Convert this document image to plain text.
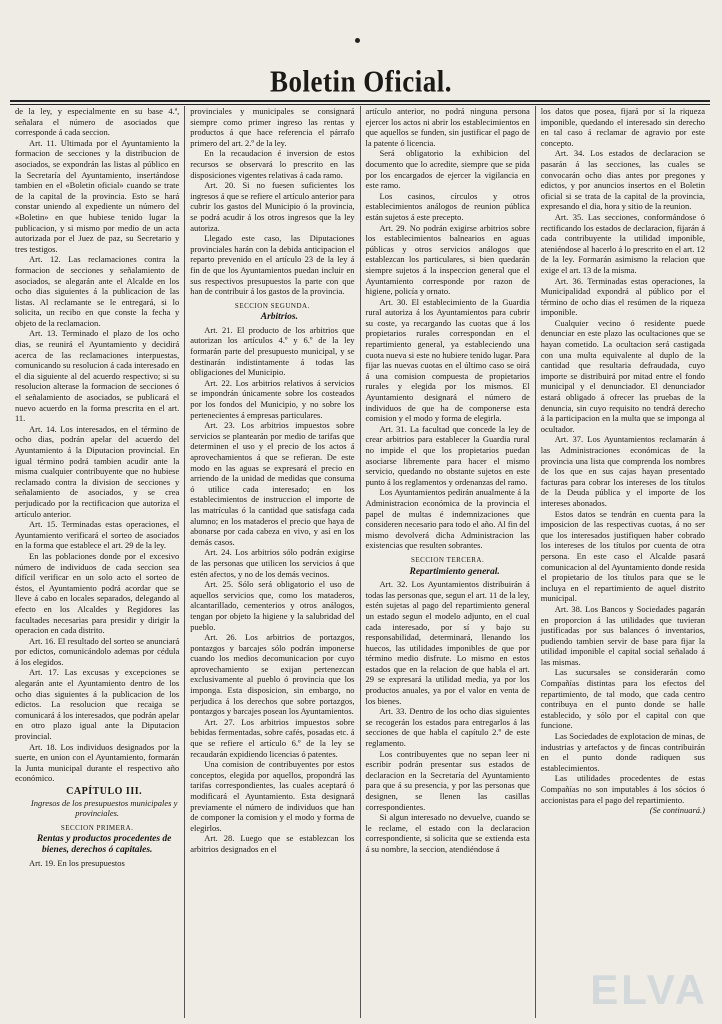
Boletin Oficial.

de la ley, y especialmente en su base 4.ª, señalara el número de asociados que corresponde á cada seccion.

Art. 11. Ultimada por el Ayuntamiento la formacion de secciones y la distribucion de asociados, se expondrán las listas al público en la Secretaría del Ayuntamiento, insertándose tambien en el «Boletin oficial» cuando se trate de la capital de la provincia. Esto se hará constar uniendo al expediente un número del «Boletin» en que hubiese tenido lugar la publicacion, y si mismo por medio de un acta autorizada por el Juez de paz, su Secretario y tres testigos.

Art. 12. Las reclamaciones contra la formacion de secciones y señalamiento de asociados, se alegarán ante el Alcalde en los ocho dias siguientes á la publicacion de las listas. Al reclamante se le entregará, si lo solicita, un recibo en que conste la fecha y objeto de la reclamacion.

Art. 13. Terminado el plazo de los ocho dias, se reunirá el Ayuntamiento y decidirá acerca de las reclamaciones interpuestas, comunicando su resolucion á cada interesado en el dia siguiente al del acuerdo respectivo; si su resolucion alterase la formacion de secciones ó el señalamiento de asociados, se publicará el nuevo acuerdo en la forma prescrita en el art. 11.

Art. 14. Los interesados, en el término de ocho dias, podrán apelar del acuerdo del Ayuntamiento á la Diputacion provincial. En igual término podrá tambien acudir ante la misma cualquier contribuyente que no hubiese reclamado contra la division de secciones y señalamiento de asociados, y se crea perjudicado por la rectificacion que autoriza el artículo anterior.

Art. 15. Terminadas estas operaciones, el Ayuntamiento verificará el sorteo de asociados en la forma que establece el art. 29 de la ley.

En las poblaciones donde por el excesivo número de individuos de cada seccion sea difícil verificar en un solo acto el sorteo de éstos, el Ayuntamiento podrá acordar que se lleve á cabo en locales separados, delegando al efecto en los Alcaldes y Regidores las facultades necesarias para presidir y dirigir la operacion en cada distrito.

Art. 16. El resultado del sorteo se anunciará por edictos, comunicándolo ademas por cédula á los elegidos.

Art. 17. Las excusas y excepciones se alegarán ante el Ayuntamiento dentro de los ocho dias siguientes á la publicacion de los edictos. La resolucion que recaiga se comunicará á los interesados, que podrán apelar en otro plazo igual ante la Diputacion provincial.

Art. 18. Los individuos designados por la suerte, en union con el Ayuntamiento, formarán la Junta municipal durante el respectivo año económico.

CAPÍTULO III.

Ingresos de los presupuestos municipales y provinciales.

SECCION PRIMERA.

Rentas y productos procedentes de bienes, derechos ó capitales.

Art. 19. En los presupuestos

provinciales y municipales se consignará siempre como primer ingreso las rentas y productos á que hace referencia el párrafo primero del art. 2.º de la ley.

En la recaudacion é inversion de estos recursos se observará lo prescrito en las disposiciones vigentes relativas á cada ramo.

Art. 20. Si no fuesen suficientes los ingresos á que se refiere el artículo anterior para cubrir los gastos del Municipio ó la provincia, se podrá acudir á los otros ingresos que la ley autoriza.

Llegado este caso, las Diputaciones provinciales harán con la debida anticipacion el reparto prevenido en el artículo 23 de la ley á fin de que los Ayuntamientos puedan incluir en sus respectivos presupuestos la parte con que han de contribuir á los gastos de la provincia.

SECCION SEGUNDA.

Arbitrios.

Art. 21. El producto de los arbitrios que autorizan los artículos 4.º y 6.º de la ley formarán parte del presupuesto municipal, y se destinarán indistintamente á todas las obligaciones del Municipio.

Art. 22. Los arbitrios relativos á servicios se impondrán únicamente sobre los costeados por los fondos del Municipio, y no sobre los pertenecientes á empresas particulares.

Art. 23. Los arbitrios impuestos sobre servicios se plantearán por medio de tarifas que determinen el uso y el precio de los actos á aprovechamientos á que se refieran. De este modo en las aguas se expresará el precio en arriendo de la unidad de medidas que consuma ó utilice cada interesado; en los establecimientos de instruccion el importe de las matrículas ó la cantidad que satisfaga cada alumno; en los mataderos el precio que haya de abonarse por cada cabeza en vivo, y así en los demás casos.

Art. 24. Los arbitrios sólo podrán exigirse de las personas que utilicen los servicios á que estén afectos, y no de los demás vecinos.

Art. 25. Sólo será obligatorio el uso de aquellos servicios que, como los mataderos, alcantarillado, cementerios y otros análogos, tengan por objeto la higiene y la salubridad del pueblo.

Art. 26. Los arbitrios de portazgos, pontazgos y barcajes sólo podrán imponerse cuando los medios decomunicacion por cuyo aprovechamiento se exijan pertenezcan exclusivamente al pueblo ó provincia que los imponga. Esta disposicion, sin embargo, no perjudica á los derechos que sobre portazgos, pontazgos y barcajes posean los Ayuntamientos.

Art. 27. Los arbitrios impuestos sobre bebidas fermentadas, sobre cafés, posadas etc. á que se refiere el artículo 6.º de la ley se recaudarán expidiendo licencias ó patentes.

Una comision de contribuyentes por estos conceptos, elegida por aquellos, propondrá las tarifas correspondientes, las cuales aceptará ó modificará el Ayuntamiento. Esta designará previamente el número de individuos que han de componer la comision y el modo y forma de elegirlos.

Art. 28. Luego que se establezcan los arbitrios designados en el

artículo anterior, no podrá ninguna persona ejercer los actos ni abrir los establecimientos en que aquellos se funden, sin justificar el pago de la patente ó licencia.

Será obligatorio la exhibicion del documento que lo acredite, siempre que se pida por los encargados de ejercer la vigilancia en este ramo.

Los casinos, círculos y otros establecimientos análogos de reunion pública están sujetos á este precepto.

Art. 29. No podrán exigirse arbitrios sobre los establecimientos balnearios en aguas públicas y otros servicios análogos que establezcan los particulares, si bien quedarán siempre sujetos á la inspeccion general que el Ayuntamiento corresponde por razon de higiene, policía y ornato.

Art. 30. El establecimiento de la Guardia rural autoriza á los Ayuntamientos para cubrir su coste, ya recargando las cuotas que á los propietarios rurales correspondan en el repartimiento general, ya estableciendo una cuota nueva si este no hubiere tenido lugar. Para fijar las nuevas cuotas en el último caso se oirá á una comision compuesta de propietarios rurales y elegida por los mismos. El Ayuntamiento designará el número de individuos de que ha de componerse esta comision y el modo y forma de elegirla.

Art. 31. La facultad que concede la ley de crear arbitrios para establecer la Guardia rural no impide el que los propietarios puedan asociarse libremente para hacer el mismo servicio, quedando no obstante sujetos en este punto á los reglamentos y ordenanzas del ramo.

Los Ayuntamientos pedirán anualmente á la Administracion económica de la provincia el papel de multas é indemnizaciones que consideren necesario para todo el año. Al fin del mismo devolverá dicha Administracion las existencias que resulten sobrantes.

SECCION TERCERA.

Repartimiento general.

Art. 32. Los Ayuntamientos distribuirán á todas las personas que, segun el art. 11 de la ley, estén sujetas al pago del repartimiento general un estado segun el modelo adjunto, en el cual cada interesado, por sí y bajo su responsabilidad, determinará, llenando los huecos, las utilidades imponibles de que por término medio disfrute. Lo mismo en estos estados que en la relacion de que habla el art. 29 se expresará la utilidad media, ya por los productos anuales, ya por el valor en venta de los bienes.

Art. 33. Dentro de los ocho dias siguientes se recogerán los estados para entregarlos á las secciones de que habla el capítulo 2.º de este reglamento.

Los contribuyentes que no sepan leer ni escribir podrán presentar sus estados de declaracion en la Secretaría del Ayuntamiento para que á su presencia, y por las personas que designen, se llenen las casillas correspondientes.

Si algun interesado no devuelve, cuando se le reclame, el estado con la declaracion correspondiente, si solicita que se extienda esta á su nombre, la seccion, atendiéndose á

los datos que posea, fijará por sí la riqueza imponible, quedando el interesado sin derecho en tal caso á reclamar de agravio por este concepto.

Art. 34. Los estados de declaracion se pasarán á las secciones, las cuales se convocarán ocho dias antes por pregones y edictos, y por anuncios insertos en el Boletin oficial si se trata de la capital de la provincia, expresando el dia, hora y sitio de la reunion.

Art. 35. Las secciones, conformándose ó rectificando los estados de declaracion, fijarán á cada contribuyente la utilidad imponible, ateniéndose al hacerlo á lo prescrito en el art. 12 de la ley. Formarán asimismo la relacion que exige el art. 13 de la misma.

Art. 36. Terminadas estas operaciones, la Municipalidad expondrá al público por el término de ocho dias el resúmen de la riqueza imponible.

Cualquier vecino ó residente puede denunciar en este plazo las ocultaciones que se hayan cometido. La ocultacion será castigada con una multa equivalente al duplo de la cantidad que resultaria defraudada, cuyo importe se distribuirá por mitad entre el fondo municipal y el denunciador. El denunciador estará obligado á ofrecer las pruebas de la denuncia, sin cuyo requisito no tendrá derecho á la participacion en la multa que se imponga al ocultador.

Art. 37. Los Ayuntamientos reclamarán á las Administraciones económicas de la provincia una lista que comprenda los nombres de los que en sus cajas hayan presentado facturas para cobrar los intereses de los títulos de la Deuda pública y el importe de los intereses abonados.

Estos datos se tendrán en cuenta para la imposicion de las respectivas cuotas, á no ser que los interesados justifiquen haber cobrado los intereses de los títulos por cuenta de otra persona. En este caso el Alcalde pasará comunicacion al del Ayuntamiento donde resida el propietario de los títulos para que se le incluya en el repartimiento de aquel distrito municipal.

Art. 38. Los Bancos y Sociedades pagarán en proporcion á las utilidades que tuvieran justificadas por sus balances ó inventarios, pudiendo tambien servir de base para fijar la utilidad imponible el capital social señalado á las mismas.

Las sucursales se considerarán como Compañías distintas para los efectos del repartimiento, de tal modo, que cada centro contribuya en el punto donde se halle establecido, y sólo por el capital con que funcione.

Las Sociedades de explotacion de minas, de industrias y artefactos y de fincas contribuirán en el punto donde radiquen sus establecimientos.

Las utilidades procedentes de estas Compañías no son imputables á los sócios ó accionistas para el pago del repartimiento.

(Se continuará.)

ELVA
